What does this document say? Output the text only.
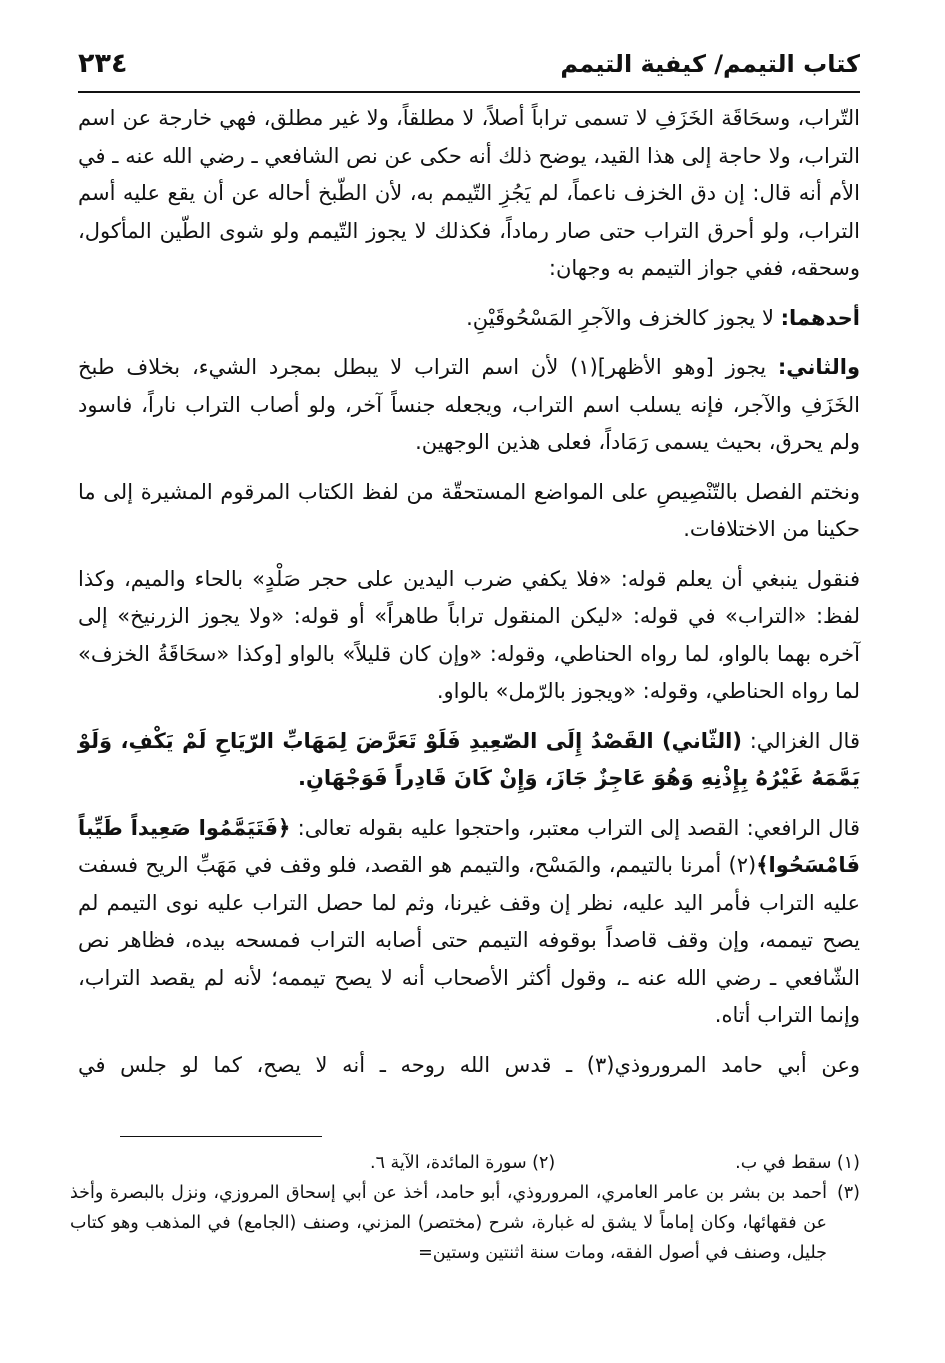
كتاب التيمم/ كيفية التيمم
٢٣٤

التّراب، وسحَاقَة الخَزَفِ لا تسمى تراباً أصلاً، لا مطلقاً، ولا غير مطلق، فهي خارجة عن اسم التراب، ولا حاجة إلى هذا القيد، يوضح ذلك أنه حكى عن نص الشافعي ـ رضي الله عنه ـ في الأم أنه قال: إن دق الخزف ناعماً، لم يَجُزِ التّيمم به، لأن الطّبخ أحاله عن أن يقع عليه أسم التراب، ولو أحرق التراب حتى صار رماداً، فكذلك لا يجوز التّيمم ولو شوى الطّين المأكول، وسحقه، ففي جواز التيمم به وجهان:

أحدهما: لا يجوز كالخزف والآجرِ المَسْحُوقَيْنِ.

والثاني: يجوز [وهو الأظهر](١) لأن اسم التراب لا يبطل بمجرد الشيء، بخلاف طبخ الخَزَفِ والآجر، فإنه يسلب اسم التراب، ويجعله جنساً آخر، ولو أصاب التراب ناراً، فاسود ولم يحرق، بحيث يسمى رَمَاداً، فعلى هذين الوجهين.

ونختم الفصل بالتّنْصِيصِ على المواضع المستحقّة من لفظ الكتاب المرقوم المشيرة إلى ما حكينا من الاختلافات.

فنقول ينبغي أن يعلم قوله: «فلا يكفي ضرب اليدين على حجر صَلْدٍ» بالحاء والميم، وكذا لفظ: «التراب» في قوله: «ليكن المنقول تراباً طاهراً» أو قوله: «ولا يجوز الزرنيخ» إلى آخره بهما بالواو، لما رواه الحناطي، وقوله: «وإن كان قليلاً» بالواو [وكذا «سحَاقَةُ الخزف» لما رواه الحناطي، وقوله: «ويجوز بالرّمل» بالواو.

قال الغزالي: (الثّاني) القَصْدُ إِلَى الصّعِيدِ فَلَوْ تَعَرَّضَ لِمَهَابِّ الرّيَاحِ لَمْ يَكْفِ، وَلَوْ يَمَّمَهُ غَيْرُهُ بِإِذْنِهِ وَهُوَ عَاجِزٌ جَازَ، وَإِنْ كَانَ قَادِراً فَوَجْهَانِ.

قال الرافعي: القصد إلى التراب معتبر، واحتجوا عليه بقوله تعالى: ﴿فَتَيَمَّمُوا صَعِيداً طَيِّباً فَامْسَحُوا﴾(٢) أمرنا بالتيمم، والمَسْح، والتيمم هو القصد، فلو وقف في مَهَبِّ الريح فسفت عليه التراب فأمر اليد عليه، نظر إن وقف غيرنا، وثم لما حصل التراب عليه نوى التيمم لم يصح تيممه، وإن وقف قاصداً بوقوفه التيمم حتى أصابه التراب فمسحه بيده، فظاهر نص الشّافعي ـ رضي الله عنه ـ، وقول أكثر الأصحاب أنه لا يصح تيممه؛ لأنه لم يقصد التراب، وإنما التراب أتاه.

وعن أبي حامد المروروذي(٣) ـ قدس الله روحه ـ أنه لا يصح، كما لو جلس في

(١) سقط في ب.

(٢) سورة المائدة، الآية ٦.

(٣)
أحمد بن بشر بن عامر العامري، المروروذي، أبو حامد، أخذ عن أبي إسحاق المروزي، ونزل بالبصرة وأخذ عن فقهائها، وكان إماماً لا يشق له غبارة، شرح (مختصر) المزني، وصنف (الجامع) في المذهب وهو كتاب جليل، وصنف في أصول الفقه، ومات سنة اثنتين وستين=
